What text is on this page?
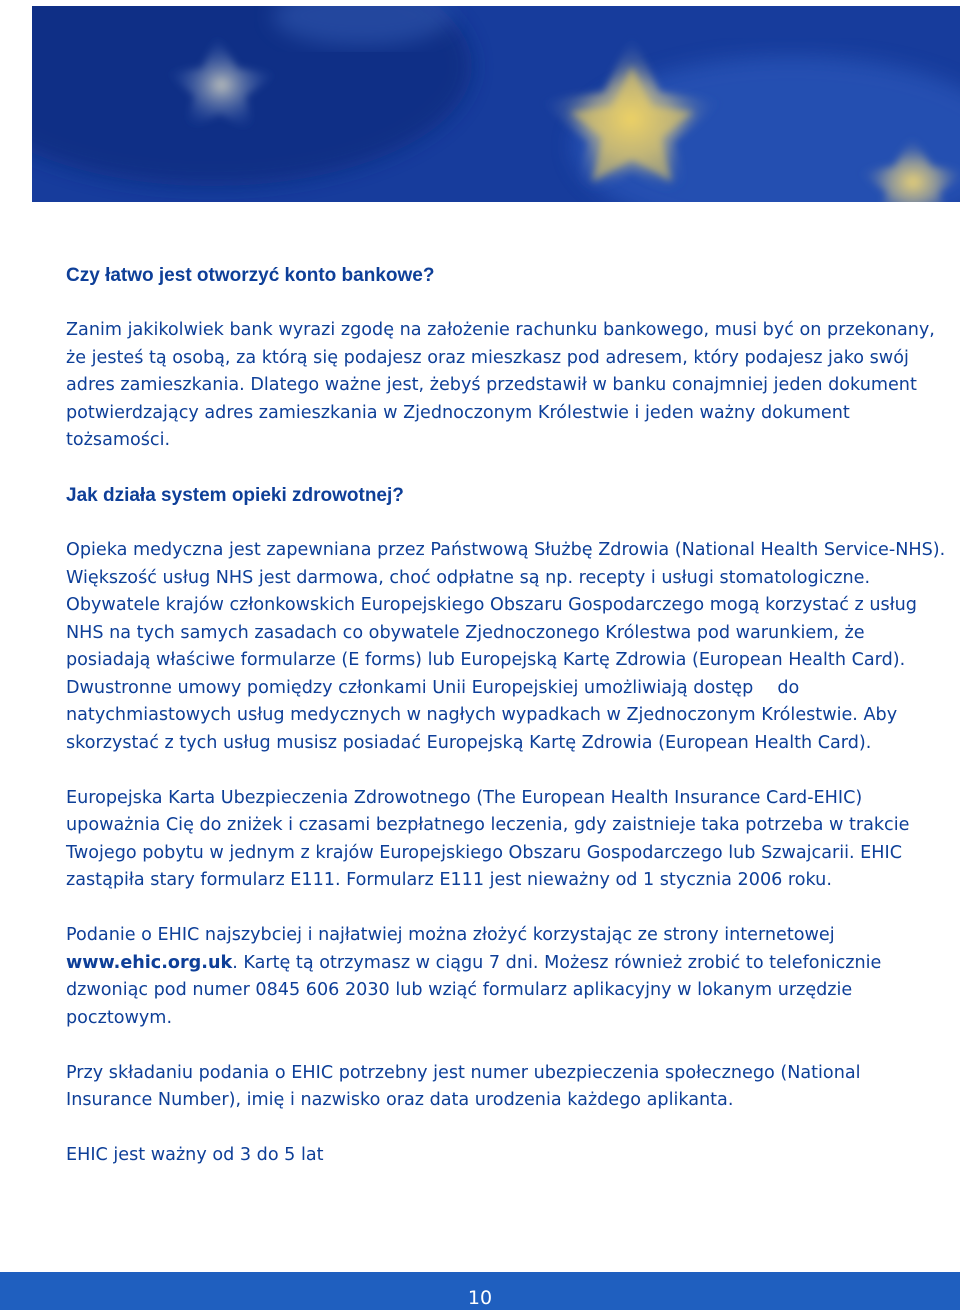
Czy łatwo jest otworzyć konto bankowe?

Zanim jakikolwiek bank wyrazi zgodę na założenie rachunku bankowego, musi być on przekonany, że jesteś tą osobą, za którą się podajesz oraz mieszkasz pod adresem, który podajesz jako swój adres zamieszkania. Dlatego ważne jest, żebyś przedstawił w banku conajmniej jeden dokument potwierdzający adres zamieszkania w Zjednoczonym Królestwie i jeden ważny dokument tożsamości.

Jak działa system opieki zdrowotnej?

Opieka medyczna jest zapewniana przez Państwową Służbę Zdrowia (National Health Service-NHS). Większość usług NHS jest darmowa, choć odpłatne są np. recepty i usługi stomatologiczne. Obywatele krajów członkowskich Europejskiego Obszaru Gospodarczego mogą korzystać z usług NHS na tych samych zasadach co obywatele Zjednoczonego Królestwa pod warunkiem, że posiadają właściwe formularze (E forms) lub Europejską Kartę Zdrowia (European Health Card). Dwustronne umowy pomiędzy członkami Unii Europejskiej umożliwiają dostęp do natychmiastowych usług medycznych w nagłych wypadkach w Zjednoczonym Królestwie. Aby skorzystać z tych usług musisz posiadać Europejską Kartę Zdrowia (European Health Card).

Europejska Karta Ubezpieczenia Zdrowotnego (The European Health Insurance Card-EHIC) upoważnia Cię do zniżek i czasami bezpłatnego leczenia, gdy zaistnieje taka potrzeba w trakcie Twojego pobytu w jednym z krajów Europejskiego Obszaru Gospodarczego lub Szwajcarii. EHIC zastąpiła stary formularz E111. Formularz E111 jest nieważny od 1 stycznia 2006 roku.

Podanie o EHIC najszybciej i najłatwiej można złożyć korzystając ze strony internetowej www.ehic.org.uk. Kartę tą otrzymasz w ciągu 7 dni. Możesz również zrobić to telefonicznie dzwoniąc pod numer 0845 606 2030 lub wziąć formularz aplikacyjny w lokanym urzędzie pocztowym.

Przy składaniu podania o EHIC potrzebny jest numer ubezpieczenia społecznego (National Insurance Number), imię i nazwisko oraz data urodzenia każdego aplikanta.

EHIC jest ważny od 3 do 5 lat

10
